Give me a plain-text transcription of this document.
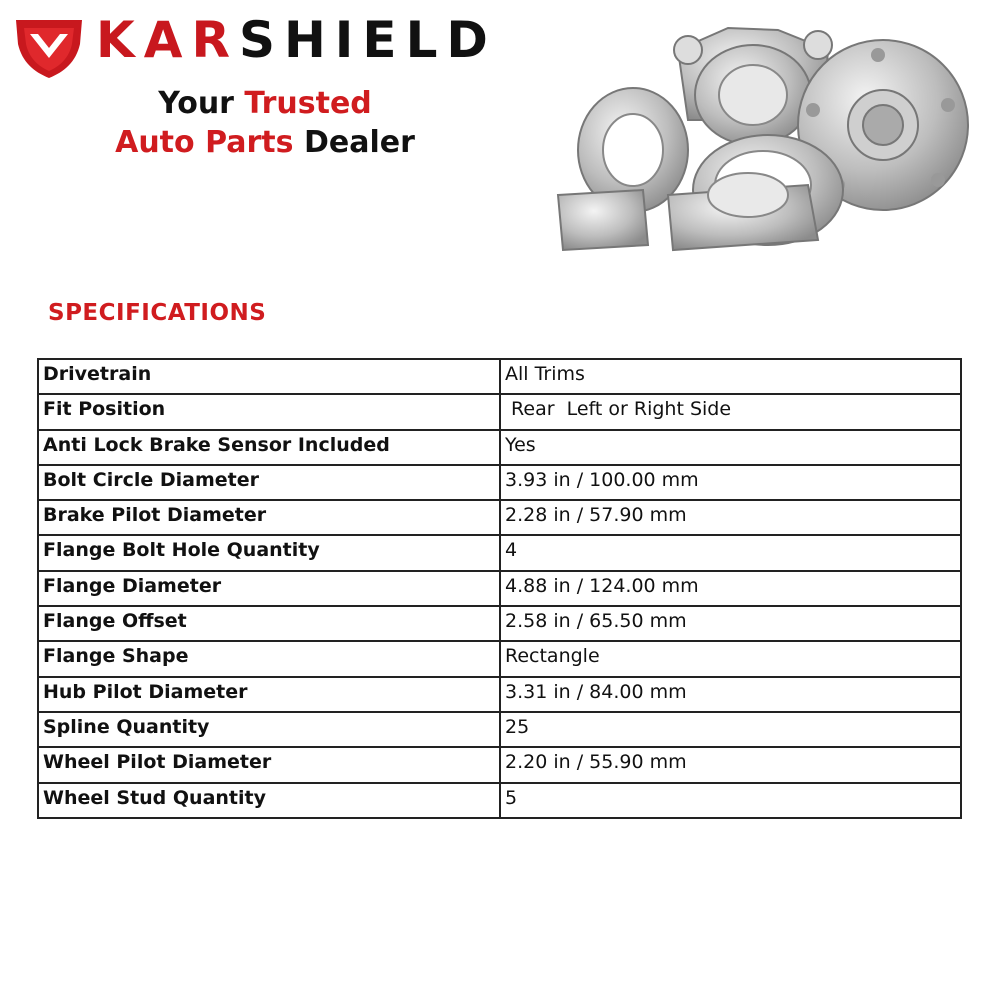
KARSHIELD
Your Trusted
Auto Parts Dealer
SPECIFICATIONS
Drivetrain	All Trims
Fit Position	Rear  Left or Right Side
Anti Lock Brake Sensor Included	Yes
Bolt Circle Diameter	3.93 in / 100.00 mm
Brake Pilot Diameter	2.28 in / 57.90 mm
Flange Bolt Hole Quantity	4
Flange Diameter	4.88 in / 124.00 mm
Flange Offset	2.58 in / 65.50 mm
Flange Shape	Rectangle
Hub Pilot Diameter	3.31 in / 84.00 mm
Spline Quantity	25
Wheel Pilot Diameter	2.20 in / 55.90 mm
Wheel Stud Quantity	5
